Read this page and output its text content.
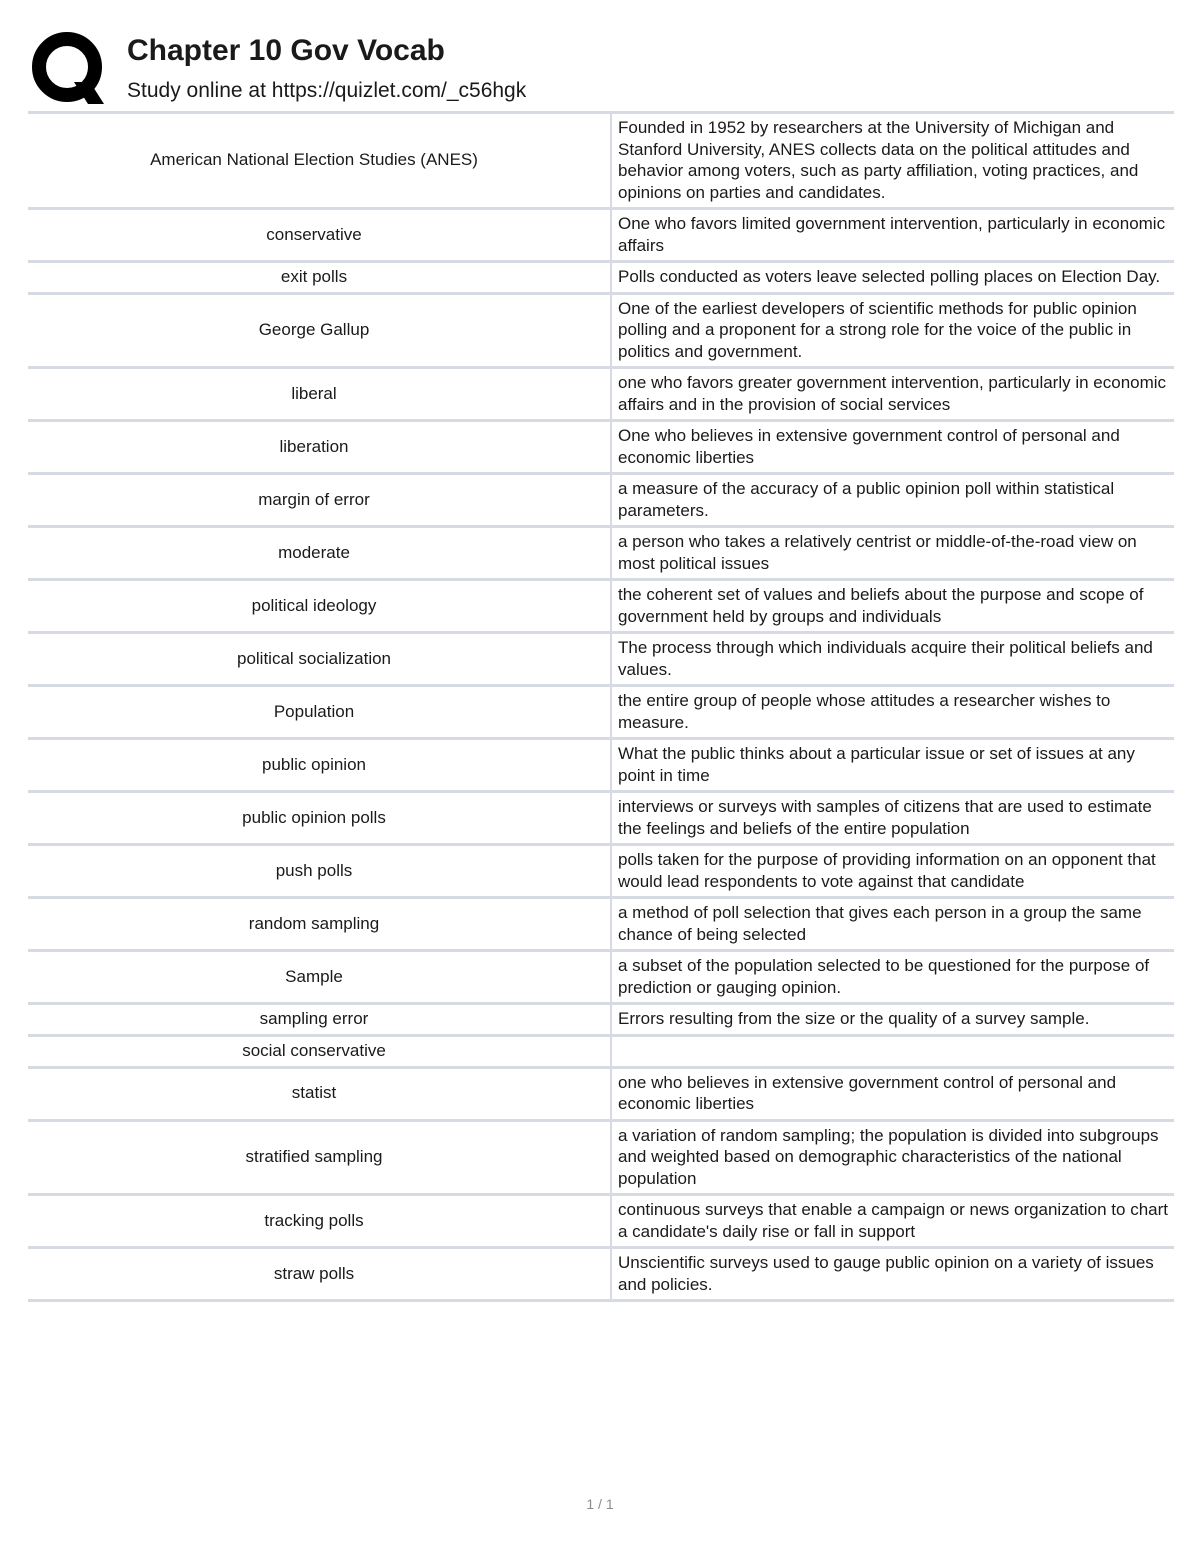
Chapter 10 Gov Vocab
Study online at https://quizlet.com/_c56hgk
American National Election Studies (ANES)	Founded in 1952 by researchers at the University of Michigan and Stanford University, ANES collects data on the political attitudes and behavior among voters, such as party affiliation, voting practices, and opinions on parties and candidates.
conservative	One who favors limited government intervention, particularly in economic affairs
exit polls	Polls conducted as voters leave selected polling places on Election Day.
George Gallup	One of the earliest developers of scientific methods for public opinion polling and a proponent for a strong role for the voice of the public in politics and government.
liberal	one who favors greater government intervention, particularly in economic affairs and in the provision of social services
liberation	One who believes in extensive government control of personal and economic liberties
margin of error	a measure of the accuracy of a public opinion poll within statistical parameters.
moderate	a person who takes a relatively centrist or middle-of-the-road view on most political issues
political ideology	the coherent set of values and beliefs about the purpose and scope of government held by groups and individuals
political socialization	The process through which individuals acquire their political beliefs and values.
Population	the entire group of people whose attitudes a researcher wishes to measure.
public opinion	What the public thinks about a particular issue or set of issues at any point in time
public opinion polls	interviews or surveys with samples of citizens that are used to estimate the feelings and beliefs of the entire population
push polls	polls taken for the purpose of providing information on an opponent that would lead respondents to vote against that candidate
random sampling	a method of poll selection that gives each person in a group the same chance of being selected
Sample	a subset of the population selected to be questioned for the purpose of prediction or gauging opinion.
sampling error	Errors resulting from the size or the quality of a survey sample.
social conservative	
statist	one who believes in extensive government control of personal and economic liberties
stratified sampling	a variation of random sampling; the population is divided into subgroups and weighted based on demographic characteristics of the national population
tracking polls	continuous surveys that enable a campaign or news organization to chart a candidate's daily rise or fall in support
straw polls	Unscientific surveys used to gauge public opinion on a variety of issues and policies.
1 / 1
